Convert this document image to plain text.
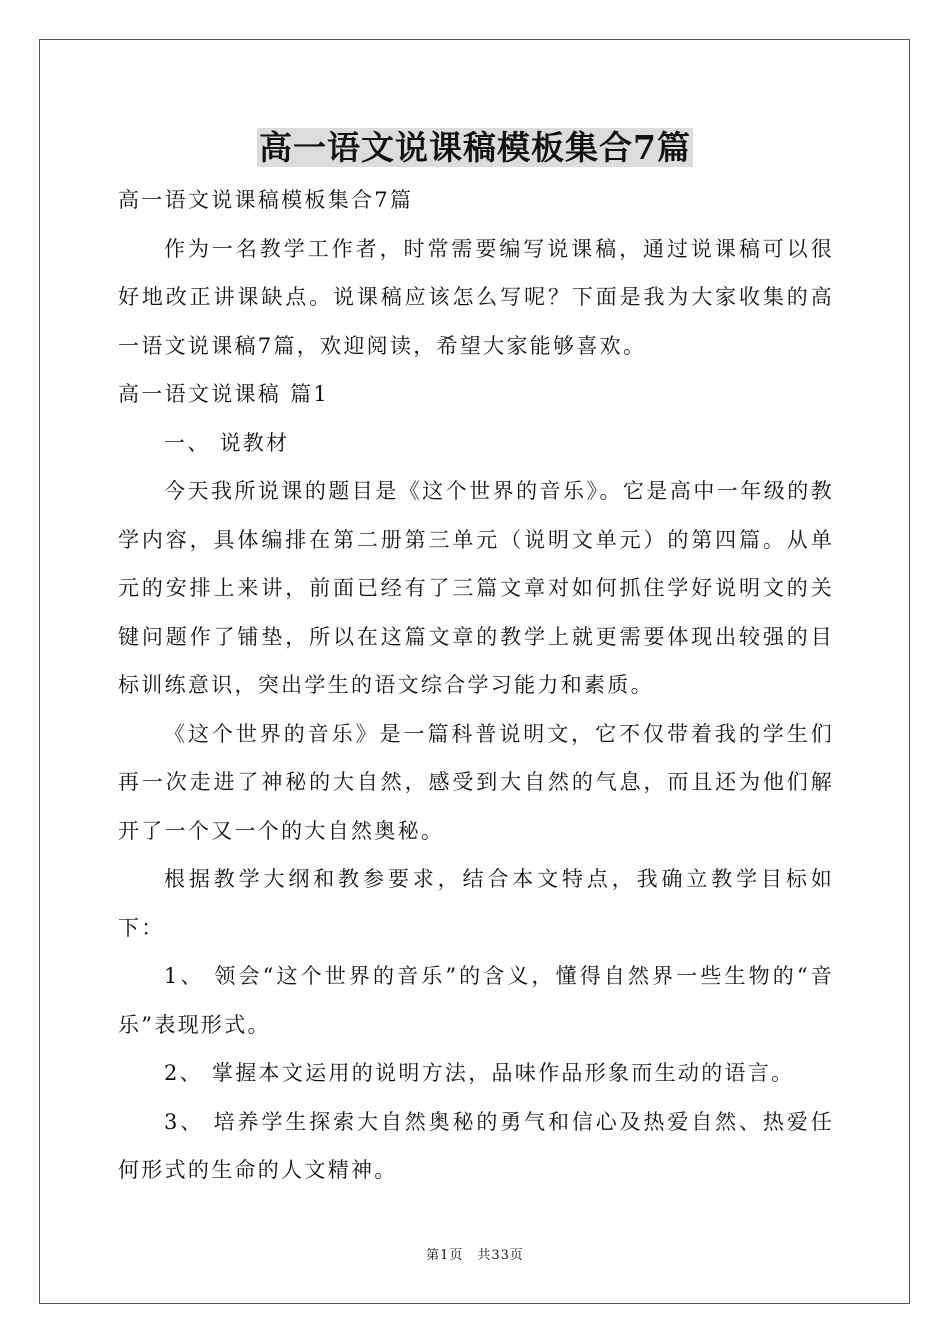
高一语文说课稿模板集合7篇

高一语文说课稿模板集合7篇

作为一名教学工作者，时常需要编写说课稿，通过说课稿可以很好地改正讲课缺点。说课稿应该怎么写呢？下面是我为大家收集的高一语文说课稿7篇，欢迎阅读，希望大家能够喜欢。

高一语文说课稿 篇1

一、 说教材

今天我所说课的题目是《这个世界的音乐》。它是高中一年级的教学内容，具体编排在第二册第三单元（说明文单元）的第四篇。从单元的安排上来讲，前面已经有了三篇文章对如何抓住学好说明文的关键问题作了铺垫，所以在这篇文章的教学上就更需要体现出较强的目标训练意识，突出学生的语文综合学习能力和素质。

《这个世界的音乐》是一篇科普说明文，它不仅带着我的学生们再一次走进了神秘的大自然，感受到大自然的气息，而且还为他们解开了一个又一个的大自然奥秘。

根据教学大纲和教参要求，结合本文特点，我确立教学目标如下：

1、 领会“这个世界的音乐”的含义，懂得自然界一些生物的“音乐”表现形式。

2、 掌握本文运用的说明方法，品味作品形象而生动的语言。

3、 培养学生探索大自然奥秘的勇气和信心及热爱自然、热爱任何形式的生命的人文精神。

第1页　共33页
